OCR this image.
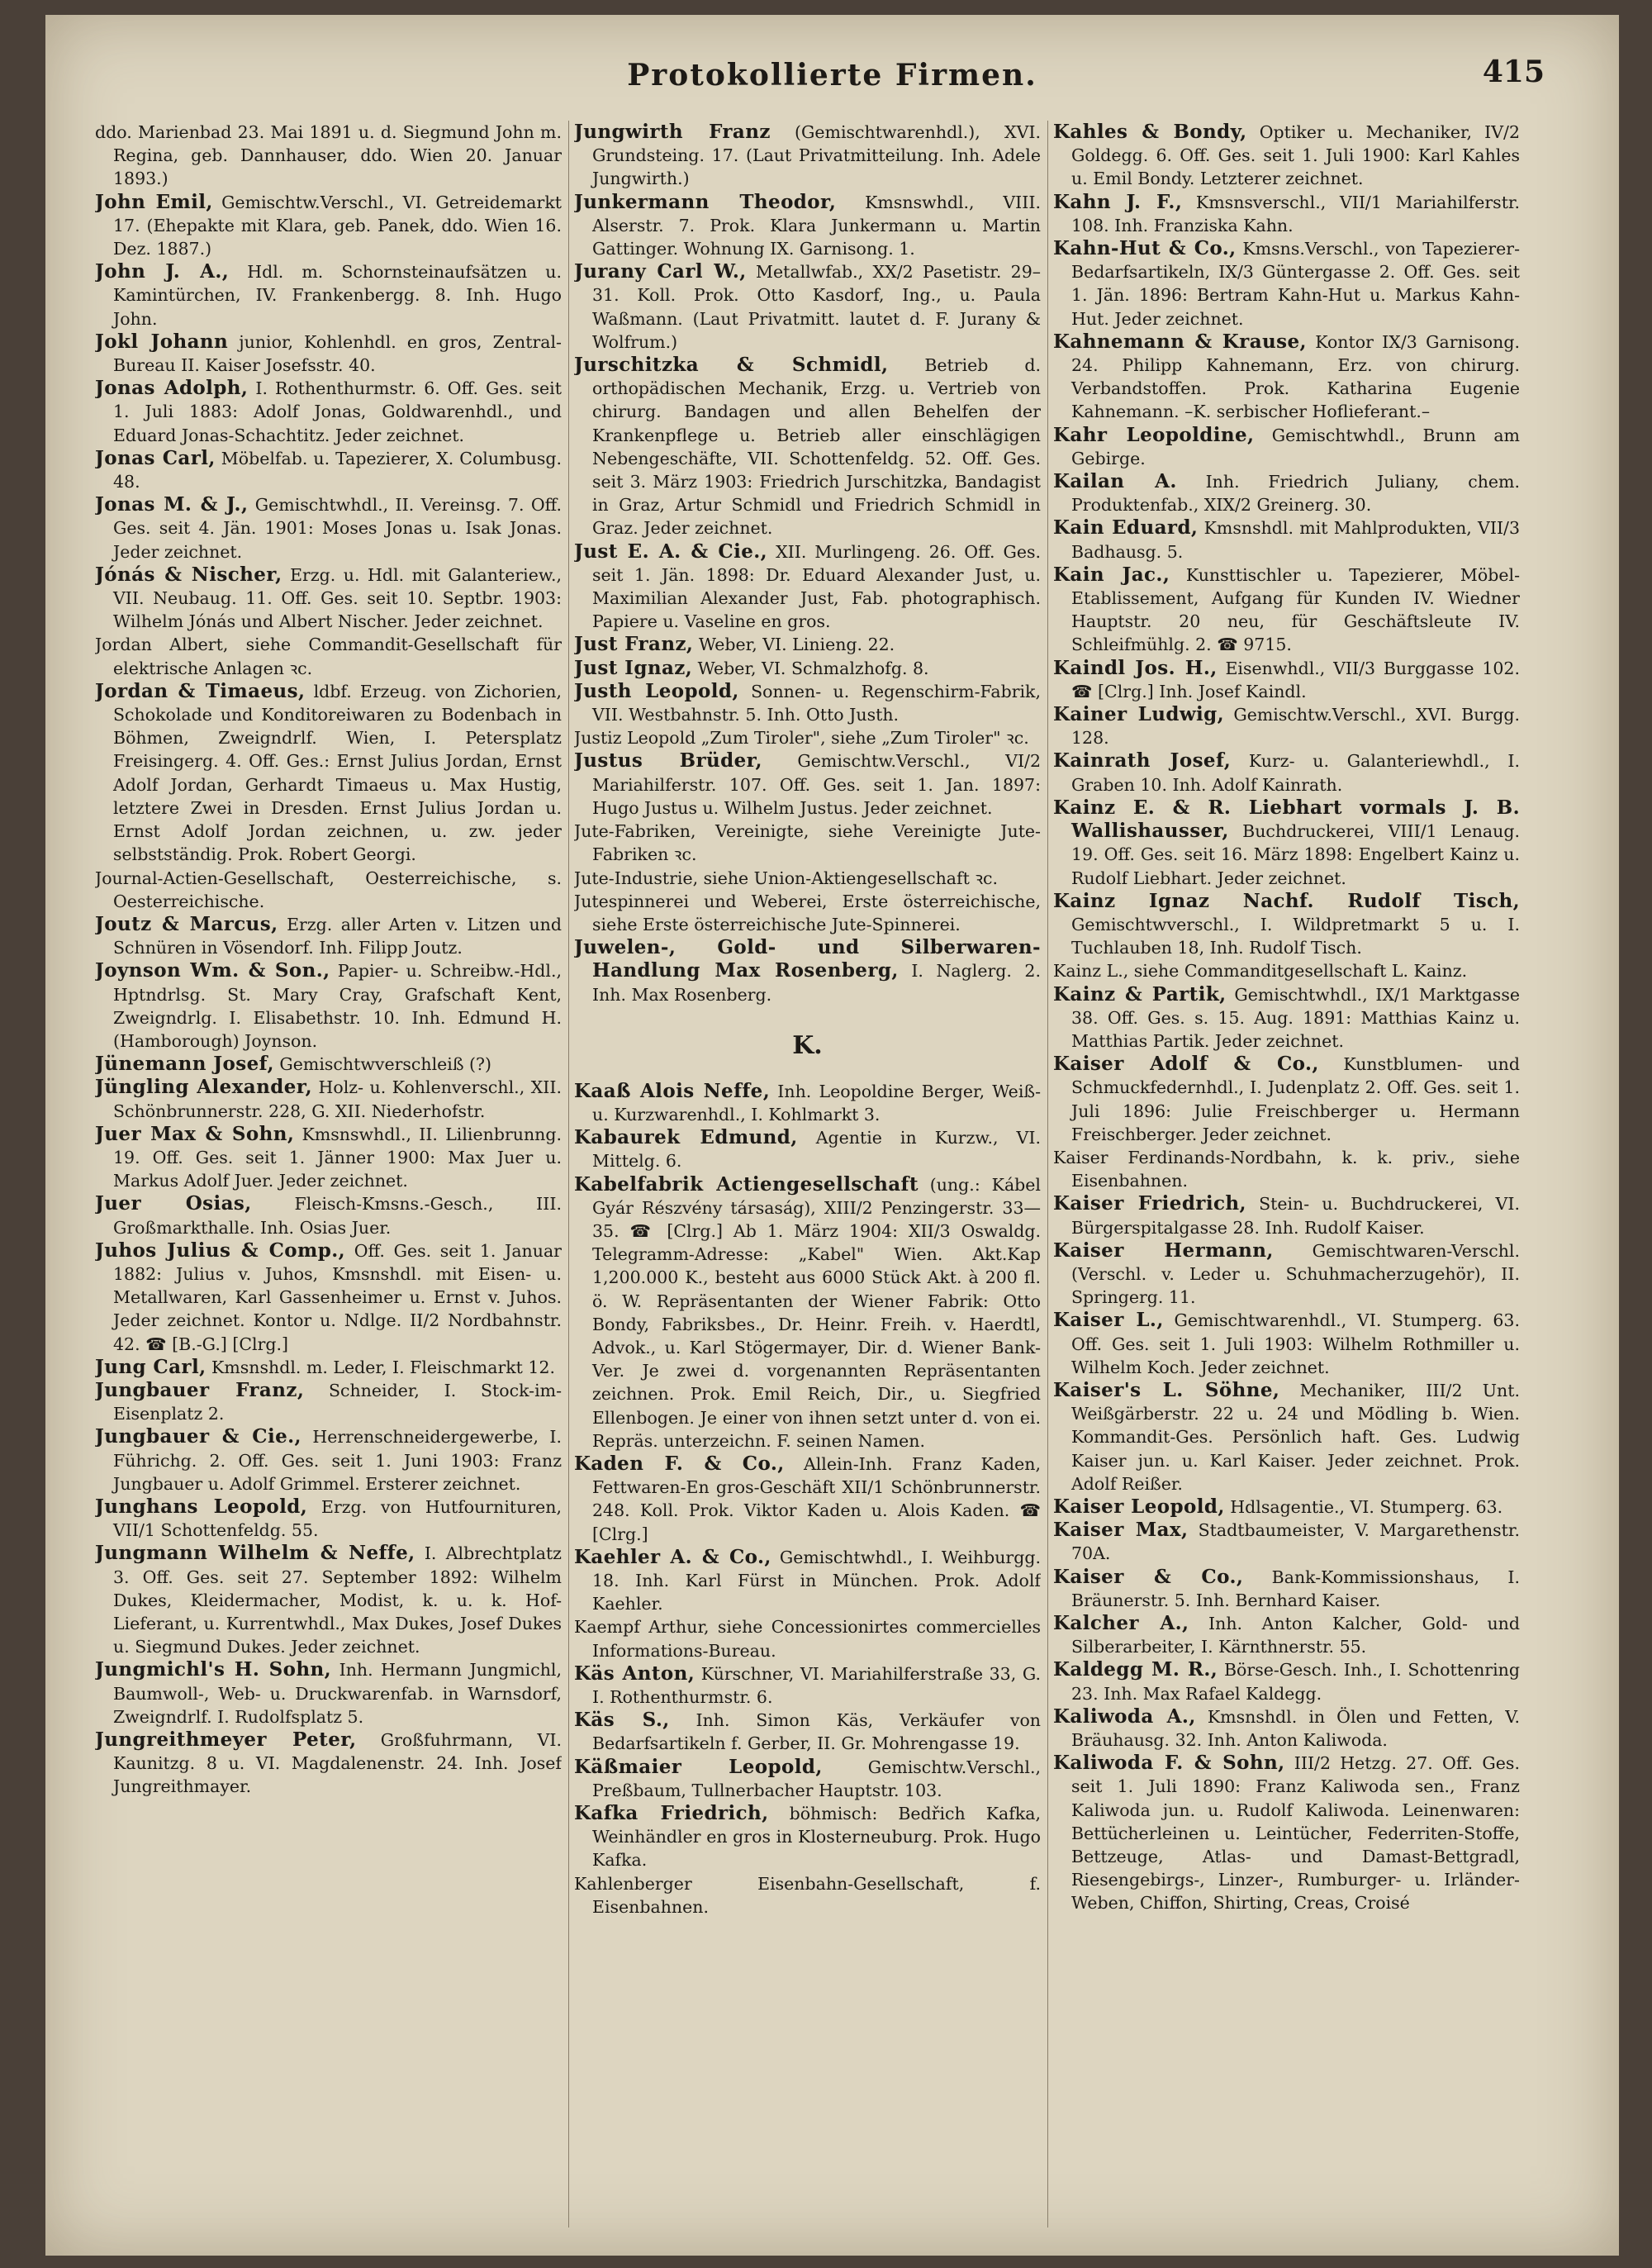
Protokollierte Firmen.	415

ddo. Marienbad 23. Mai 1891 u. d. Siegmund John m. Regina, geb. Dannhauser, ddo. Wien 20. Januar 1893.)

John Emil, Gemischtw.Verschl., VI. Getreidemarkt 17. (Ehepakte mit Klara, geb. Panek, ddo. Wien 16. Dez. 1887.)

John J. A., Hdl. m. Schornsteinaufsätzen u. Kamintürchen, IV. Frankenbergg. 8. Inh. Hugo John.

Jokl Johann junior, Kohlenhdl. en gros, Zentral-Bureau II. Kaiser Josefsstr. 40.

Jonas Adolph, I. Rothenthurmstr. 6. Off. Ges. seit 1. Juli 1883: Adolf Jonas, Goldwarenhdl., und Eduard Jonas-Schachtitz. Jeder zeichnet.

Jonas Carl, Möbelfab. u. Tapezierer, X. Columbusg. 48.

Jonas M. & J., Gemischtwhdl., II. Vereinsg. 7. Off. Ges. seit 4. Jän. 1901: Moses Jonas u. Isak Jonas. Jeder zeichnet.

Jónás & Nischer, Erzg. u. Hdl. mit Galanteriew., VII. Neubaug. 11. Off. Ges. seit 10. Septbr. 1903: Wilhelm Jónás und Albert Nischer. Jeder zeichnet.

Jordan Albert, siehe Commandit-Gesellschaft für elektrische Anlagen ꝛc.

Jordan & Timaeus, ldbf. Erzeug. von Zichorien, Schokolade und Konditoreiwaren zu Bodenbach in Böhmen, Zweigndrlf. Wien, I. Petersplatz Freisingerg. 4. Off. Ges.: Ernst Julius Jordan, Ernst Adolf Jordan, Gerhardt Timaeus u. Max Hustig, letztere Zwei in Dresden. Ernst Julius Jordan u. Ernst Adolf Jordan zeichnen, u. zw. jeder selbstständig. Prok. Robert Georgi.

Journal-Actien-Gesellschaft, Oesterreichische, s. Oesterreichische.

Joutz & Marcus, Erzg. aller Arten v. Litzen und Schnüren in Vösendorf. Inh. Filipp Joutz.

Joynson Wm. & Son., Papier- u. Schreibw.-Hdl., Hptndrlsg. St. Mary Cray, Grafschaft Kent, Zweigndrlg. I. Elisabethstr. 10. Inh. Edmund H. (Hamborough) Joynson.

Jünemann Josef, Gemischtwverschleiß (?)

Jüngling Alexander, Holz- u. Kohlenverschl., XII. Schönbrunnerstr. 228, G. XII. Niederhofstr.

Juer Max & Sohn, Kmsnswhdl., II. Lilienbrunng. 19. Off. Ges. seit 1. Jänner 1900: Max Juer u. Markus Adolf Juer. Jeder zeichnet.

Juer Osias,	Fleisch-Kmsns.-Gesch., III. Großmarkthalle. Inh. Osias Juer.

Juhos Julius & Comp., Off. Ges. seit 1. Januar 1882: Julius v. Juhos, Kmsnshdl. mit Eisen- u. Metallwaren, Karl Gassenheimer u. Ernst v. Juhos. Jeder zeichnet. Kontor u. Ndlge. II/2 Nordbahnstr. 42. ☎ [B.-G.] [Clrg.]

Jung Carl, Kmsnshdl. m. Leder, I. Fleischmarkt 12.

Jungbauer Franz, Schneider, I. Stock-im-Eisenplatz 2.

Jungbauer & Cie., Herrenschneidergewerbe, I. Führichg. 2. Off. Ges. seit 1. Juni 1903: Franz Jungbauer u. Adolf Grimmel. Ersterer zeichnet.

Junghans Leopold, Erzg. von Hutfournituren, VII/1 Schottenfeldg. 55.

Jungmann Wilhelm & Neffe, I. Albrechtplatz 3. Off. Ges. seit 27. September 1892: Wilhelm Dukes, Kleidermacher, Modist, k. u. k. Hof-Lieferant, u. Kurrentwhdl., Max Dukes, Josef Dukes u. Siegmund Dukes. Jeder zeichnet.

Jungmichl's H. Sohn, Inh. Hermann Jungmichl, Baumwoll-, Web- u. Druckwarenfab. in Warnsdorf, Zweigndrlf. I. Rudolfsplatz 5.

Jungreithmeyer Peter, Großfuhrmann, VI. Kaunitzg. 8 u. VI. Magdalenenstr. 24. Inh. Josef Jungreithmayer.

Jungwirth Franz (Gemischtwarenhdl.), XVI. Grundsteing. 17. (Laut Privatmitteilung. Inh. Adele Jungwirth.)

Junkermann Theodor, Kmsnswhdl., VIII. Alserstr. 7. Prok. Klara Junkermann u. Martin Gattinger. Wohnung IX. Garnisong. 1.

Jurany Carl W., Metallwfab., XX/2 Pasetistr. 29–31. Koll. Prok. Otto Kasdorf, Ing., u. Paula Waßmann. (Laut Privatmitt. lautet d. F. Jurany & Wolfrum.)

Jurschitzka & Schmidl, Betrieb d. orthopädischen Mechanik, Erzg. u. Vertrieb von chirurg. Bandagen und allen Behelfen der Krankenpflege u. Betrieb aller einschlägigen Nebengeschäfte, VII. Schottenfeldg. 52. Off. Ges. seit 3. März 1903: Friedrich Jurschitzka, Bandagist in Graz, Artur Schmidl und Friedrich Schmidl in Graz. Jeder zeichnet.

Just E. A. & Cie., XII. Murlingeng. 26. Off. Ges. seit 1. Jän. 1898: Dr. Eduard Alexander Just, u. Maximilian Alexander Just, Fab. photographisch. Papiere u. Vaseline en gros.

Just Franz, Weber, VI. Linieng. 22.

Just Ignaz, Weber, VI. Schmalzhofg. 8.

Justh Leopold, Sonnen- u. Regenschirm-Fabrik, VII. Westbahnstr. 5. Inh. Otto Justh.

Justiz Leopold „Zum Tiroler", siehe „Zum Tiroler" ꝛc.

Justus Brüder, Gemischtw.Verschl., VI/2 Mariahilferstr. 107. Off. Ges. seit 1. Jan. 1897: Hugo Justus u. Wilhelm Justus. Jeder zeichnet.

Jute-Fabriken, Vereinigte, siehe Vereinigte Jute-Fabriken ꝛc.

Jute-Industrie, siehe Union-Aktiengesellschaft ꝛc.

Jutespinnerei und Weberei, Erste österreichische, siehe Erste österreichische Jute-Spinnerei.

Juwelen-, Gold- und Silberwaren-Handlung Max Rosenberg, I. Naglerg. 2. Inh. Max Rosenberg.

K.

Kaaß Alois Neffe, Inh. Leopoldine Berger, Weiß- u. Kurzwarenhdl., I. Kohlmarkt 3.

Kabaurek Edmund, Agentie in Kurzw., VI. Mittelg. 6.

Kabelfabrik Actiengesellschaft (ung.: Kábel Gyár Részvény társaság), XIII/2 Penzingerstr. 33—35. ☎ [Clrg.] Ab 1. März 1904: XII/3 Oswaldg. Telegramm-Adresse: „Kabel" Wien. Akt.Kap 1,200.000 K., besteht aus 6000 Stück Akt. à 200 fl. ö. W. Repräsentanten der Wiener Fabrik: Otto Bondy, Fabriksbes., Dr. Heinr. Freih. v. Haerdtl, Advok., u. Karl Stögermayer, Dir. d. Wiener Bank-Ver. Je zwei d. vorgenannten Repräsentanten zeichnen. Prok. Emil Reich, Dir., u. Siegfried Ellenbogen. Je einer von ihnen setzt unter d. von ei. Repräs. unterzeichn. F. seinen Namen.

Kaden F. & Co., Allein-Inh. Franz Kaden, Fettwaren-En gros-Geschäft XII/1 Schönbrunnerstr. 248. Koll. Prok. Viktor Kaden u. Alois Kaden. ☎ [Clrg.]

Kaehler A. & Co., Gemischtwhdl., I. Weihburgg. 18. Inh. Karl Fürst in München. Prok. Adolf Kaehler.

Kaempf Arthur, siehe Concessionirtes commercielles Informations-Bureau.

Käs Anton, Kürschner, VI. Mariahilferstraße 33, G. I. Rothenthurmstr. 6.

Käs S., Inh. Simon Käs, Verkäufer von Bedarfsartikeln f. Gerber, II. Gr. Mohrengasse 19.

Käßmaier Leopold,	Gemischtw.Verschl., Preßbaum, Tullnerbacher Hauptstr. 103.

Kafka Friedrich, böhmisch: Bedřich Kafka, Weinhändler en gros in Klosterneuburg. Prok. Hugo Kafka.

Kahlenberger Eisenbahn-Gesellschaft, f. Eisenbahnen.

Kahles & Bondy, Optiker u. Mechaniker, IV/2 Goldegg. 6. Off. Ges. seit 1. Juli 1900: Karl Kahles u. Emil Bondy. Letzterer zeichnet.

Kahn J. F., Kmsnsverschl., VII/1 Mariahilferstr. 108. Inh. Franziska Kahn.

Kahn-Hut & Co., Kmsns.Verschl., von Tapezierer-Bedarfsartikeln, IX/3 Güntergasse 2. Off. Ges. seit 1. Jän. 1896: Bertram Kahn-Hut u. Markus Kahn-Hut. Jeder zeichnet.

Kahnemann & Krause, Kontor IX/3 Garnisong. 24. Philipp Kahnemann, Erz. von chirurg. Verbandstoffen. Prok. Katharina Eugenie Kahnemann. –K. serbischer Hoflieferant.–

Kahr Leopoldine, Gemischtwhdl., Brunn am Gebirge.

Kailan A. Inh. Friedrich Juliany, chem. Produktenfab., XIX/2 Greinerg. 30.

Kain Eduard, Kmsnshdl. mit Mahlprodukten, VII/3 Badhausg. 5.

Kain Jac., Kunsttischler u. Tapezierer, Möbel-Etablissement, Aufgang für Kunden IV. Wiedner Hauptstr. 20 neu, für Geschäftsleute IV. Schleifmühlg. 2. ☎ 9715.

Kaindl Jos. H., Eisenwhdl., VII/3 Burggasse 102. ☎ [Clrg.] Inh. Josef Kaindl.

Kainer Ludwig, Gemischtw.Verschl., XVI. Burgg. 128.

Kainrath Josef, Kurz- u. Galanteriewhdl., I. Graben 10. Inh. Adolf Kainrath.

Kainz E. & R. Liebhart vormals J. B. Wallishausser, Buchdruckerei, VIII/1 Lenaug. 19. Off. Ges. seit 16. März 1898: Engelbert Kainz u. Rudolf Liebhart. Jeder zeichnet.

Kainz Ignaz Nachf. Rudolf Tisch, Gemischtwverschl., I. Wildpretmarkt 5 u. I. Tuchlauben 18, Inh. Rudolf Tisch.

Kainz L., siehe Commanditgesellschaft L. Kainz.

Kainz & Partik, Gemischtwhdl., IX/1 Marktgasse 38. Off. Ges. s. 15. Aug. 1891: Matthias Kainz u. Matthias Partik. Jeder zeichnet.

Kaiser Adolf & Co., Kunstblumen- und Schmuckfedernhdl., I. Judenplatz 2. Off. Ges. seit 1. Juli 1896: Julie Freischberger u. Hermann Freischberger. Jeder zeichnet.

Kaiser Ferdinands-Nordbahn, k. k. priv., siehe Eisenbahnen.

Kaiser Friedrich, Stein- u. Buchdruckerei, VI. Bürgerspitalgasse 28. Inh. Rudolf Kaiser.

Kaiser Hermann, Gemischtwaren-Verschl. (Verschl. v. Leder u. Schuhmacherzugehör), II. Springerg. 11.

Kaiser L., Gemischtwarenhdl., VI. Stumperg. 63. Off. Ges. seit 1. Juli 1903: Wilhelm Rothmiller u. Wilhelm Koch. Jeder zeichnet.

Kaiser's L. Söhne, Mechaniker, III/2 Unt. Weißgärberstr. 22 u. 24 und Mödling b. Wien. Kommandit-Ges. Persönlich haft. Ges. Ludwig Kaiser jun. u. Karl Kaiser. Jeder zeichnet. Prok. Adolf Reißer.

Kaiser Leopold, Hdlsagentie., VI. Stumperg. 63.

Kaiser Max, Stadtbaumeister, V. Margarethenstr. 70A.

Kaiser & Co., Bank-Kommissionshaus, I. Bräunerstr. 5. Inh. Bernhard Kaiser.

Kalcher A., Inh. Anton Kalcher, Gold- und Silberarbeiter, I. Kärnthnerstr. 55.

Kaldegg M. R., Börse-Gesch. Inh., I. Schottenring 23. Inh. Max Rafael Kaldegg.

Kaliwoda A., Kmsnshdl. in Ölen und Fetten, V. Bräuhausg. 32. Inh. Anton Kaliwoda.

Kaliwoda F. & Sohn, III/2 Hetzg. 27. Off. Ges. seit 1. Juli 1890: Franz Kaliwoda sen., Franz Kaliwoda jun. u. Rudolf Kaliwoda. Leinenwaren: Bettücherleinen u. Leintücher, Federriten-Stoffe, Bettzeuge, Atlas- und Damast-Bettgradl, Riesengebirgs-, Linzer-, Rumburger- u. Irländer-Weben, Chiffon, Shirting, Creas, Croisé
